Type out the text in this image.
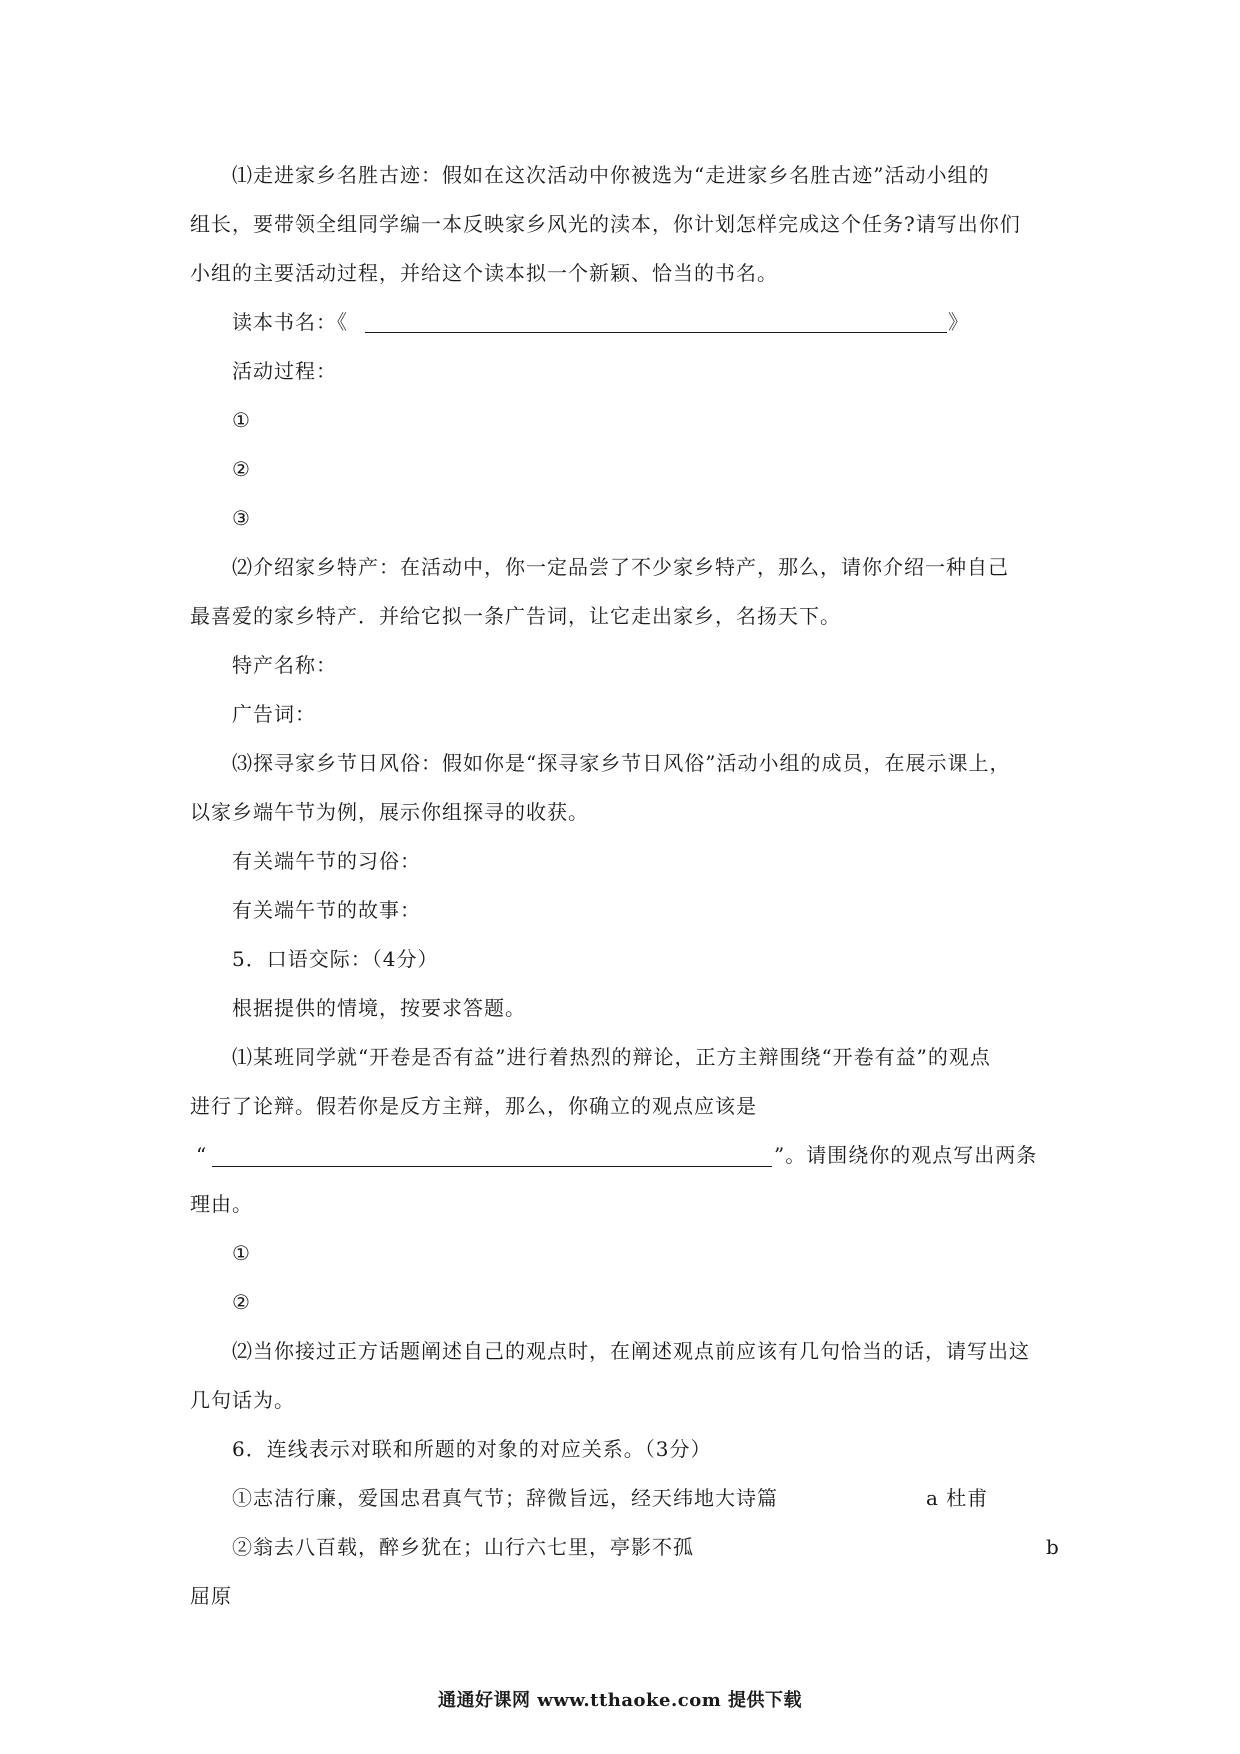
⑴走进家乡名胜古迹：假如在这次活动中你被选为“走进家乡名胜古迹”活动小组的

组长，要带领全组同学编一本反映家乡风光的渎本，你计划怎样完成这个任务?请写出你们

小组的主要活动过程，并给这个读本拟一个新颖、恰当的书名。

读本书名：《	》

活动过程：

①

②

③

⑵介绍家乡特产：在活动中，你一定品尝了不少家乡特产，那么，请你介绍一种自己

最喜爱的家乡特产．并给它拟一条广告词，让它走出家乡，名扬天下。

特产名称：

广告词：

⑶探寻家乡节日风俗：假如你是“探寻家乡节日风俗”活动小组的成员，在展示课上，

以家乡端午节为例，展示你组探寻的收获。

有关端午节的习俗：

有关端午节的故事：

5．口语交际：（4分）

根据提供的情境，按要求答题。

⑴某班同学就“开卷是否有益”进行着热烈的辩论，正方主辩围绕“开卷有益”的观点

进行了论辩。假若你是反方主辩，那么，你确立的观点应该是

“	”。请围绕你的观点写出两条

理由。

①

②

⑵当你接过正方话题阐述自己的观点时，在阐述观点前应该有几句恰当的话，请写出这

几句话为。

6．连线表示对联和所题的对象的对应关系。（3分）

①志洁行廉，爱国忠君真气节；辞微旨远，经天纬地大诗篇	a 杜甫

②翁去八百载，醉乡犹在；山行六七里，亭影不孤	b

屈原

通通好课网 www.tthaoke.com 提供下载
